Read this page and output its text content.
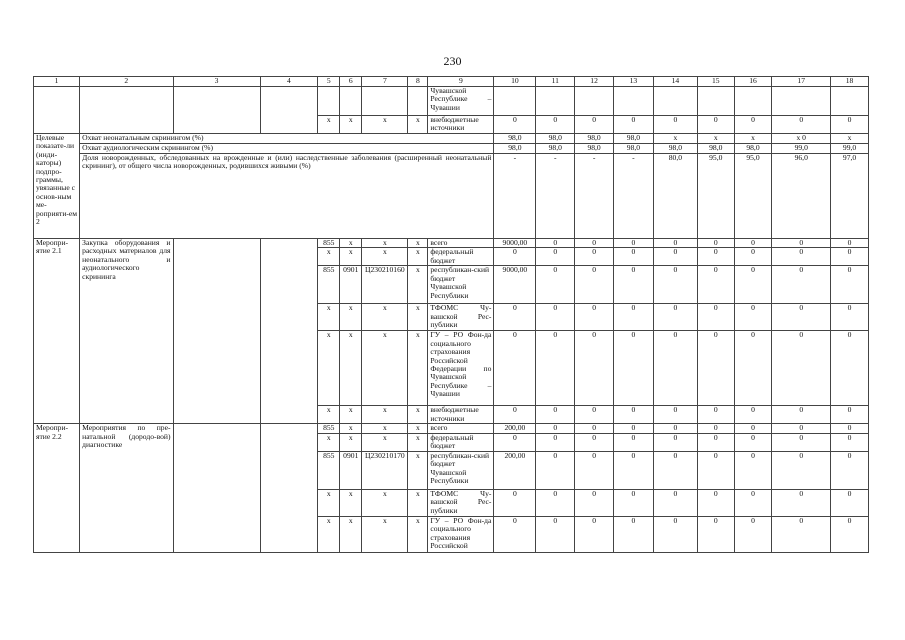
230
1	2	3	4	5	6	7	8	9	10	11	12	13	14	15	16	17	18
								Чувашской Республике – Чувашии									
				x	x	x	x	внебюджетные источники	0	0	0	0	0	0	0	0	0
Целевые показате-ли (инди-каторы) подпро-граммы, увязанные с основ-ным ме-роприяти-ем 2	Охват неонатальным скринингом (%)								98,0	98,0	98,0	98,0	x	x	x	x 0	x
	Охват аудиологическим скринингом (%)								98,0	98,0	98,0	98,0	98,0	98,0	98,0	99,0	99,0
	Доля новорожденных, обследованных на врожденные и (или) наследственные заболевания (расширенный неонатальный скрининг), от общего числа новорожденных, родившихся живыми (%)								-	-	-	-	80,0	95,0	95,0	96,0	97,0
Меропри-ятие 2.1	Закупка оборудования и расходных материалов для неонатального и аудиологического скрининга			855	x	x	x	всего	9000,00	0	0	0	0	0	0	0	0
				x	x	x	x	федеральный бюджет	0	0	0	0	0	0	0	0	0
				855	0901	Ц230210160	x	республикан-ский бюджет Чувашской Республики	9000,00	0	0	0	0	0	0	0	0
				x	x	x	x	ТФОМС Чу-вашской Рес-публики	0	0	0	0	0	0	0	0	0
				x	x	x	x	ГУ – РО Фон-да социального страхования Российской Федерации по Чувашской Республике – Чувашии	0	0	0	0	0	0	0	0	0
				x	x	x	x	внебюджетные источники	0	0	0	0	0	0	0	0	0
Меропри-ятие 2.2	Мероприятия по пре-натальной (дородо-вой) диагностике			855	x	x	x	всего	200,00	0	0	0	0	0	0	0	0
				x	x	x	x	федеральный бюджет	0	0	0	0	0	0	0	0	0
				855	0901	Ц230210170	x	республикан-ский бюджет Чувашской Республики	200,00	0	0	0	0	0	0	0	0
				x	x	x	x	ТФОМС Чу-вашской Рес-публики	0	0	0	0	0	0	0	0	0
				x	x	x	x	ГУ – РО Фон-да социального страхования Российской	0	0	0	0	0	0	0	0	0
